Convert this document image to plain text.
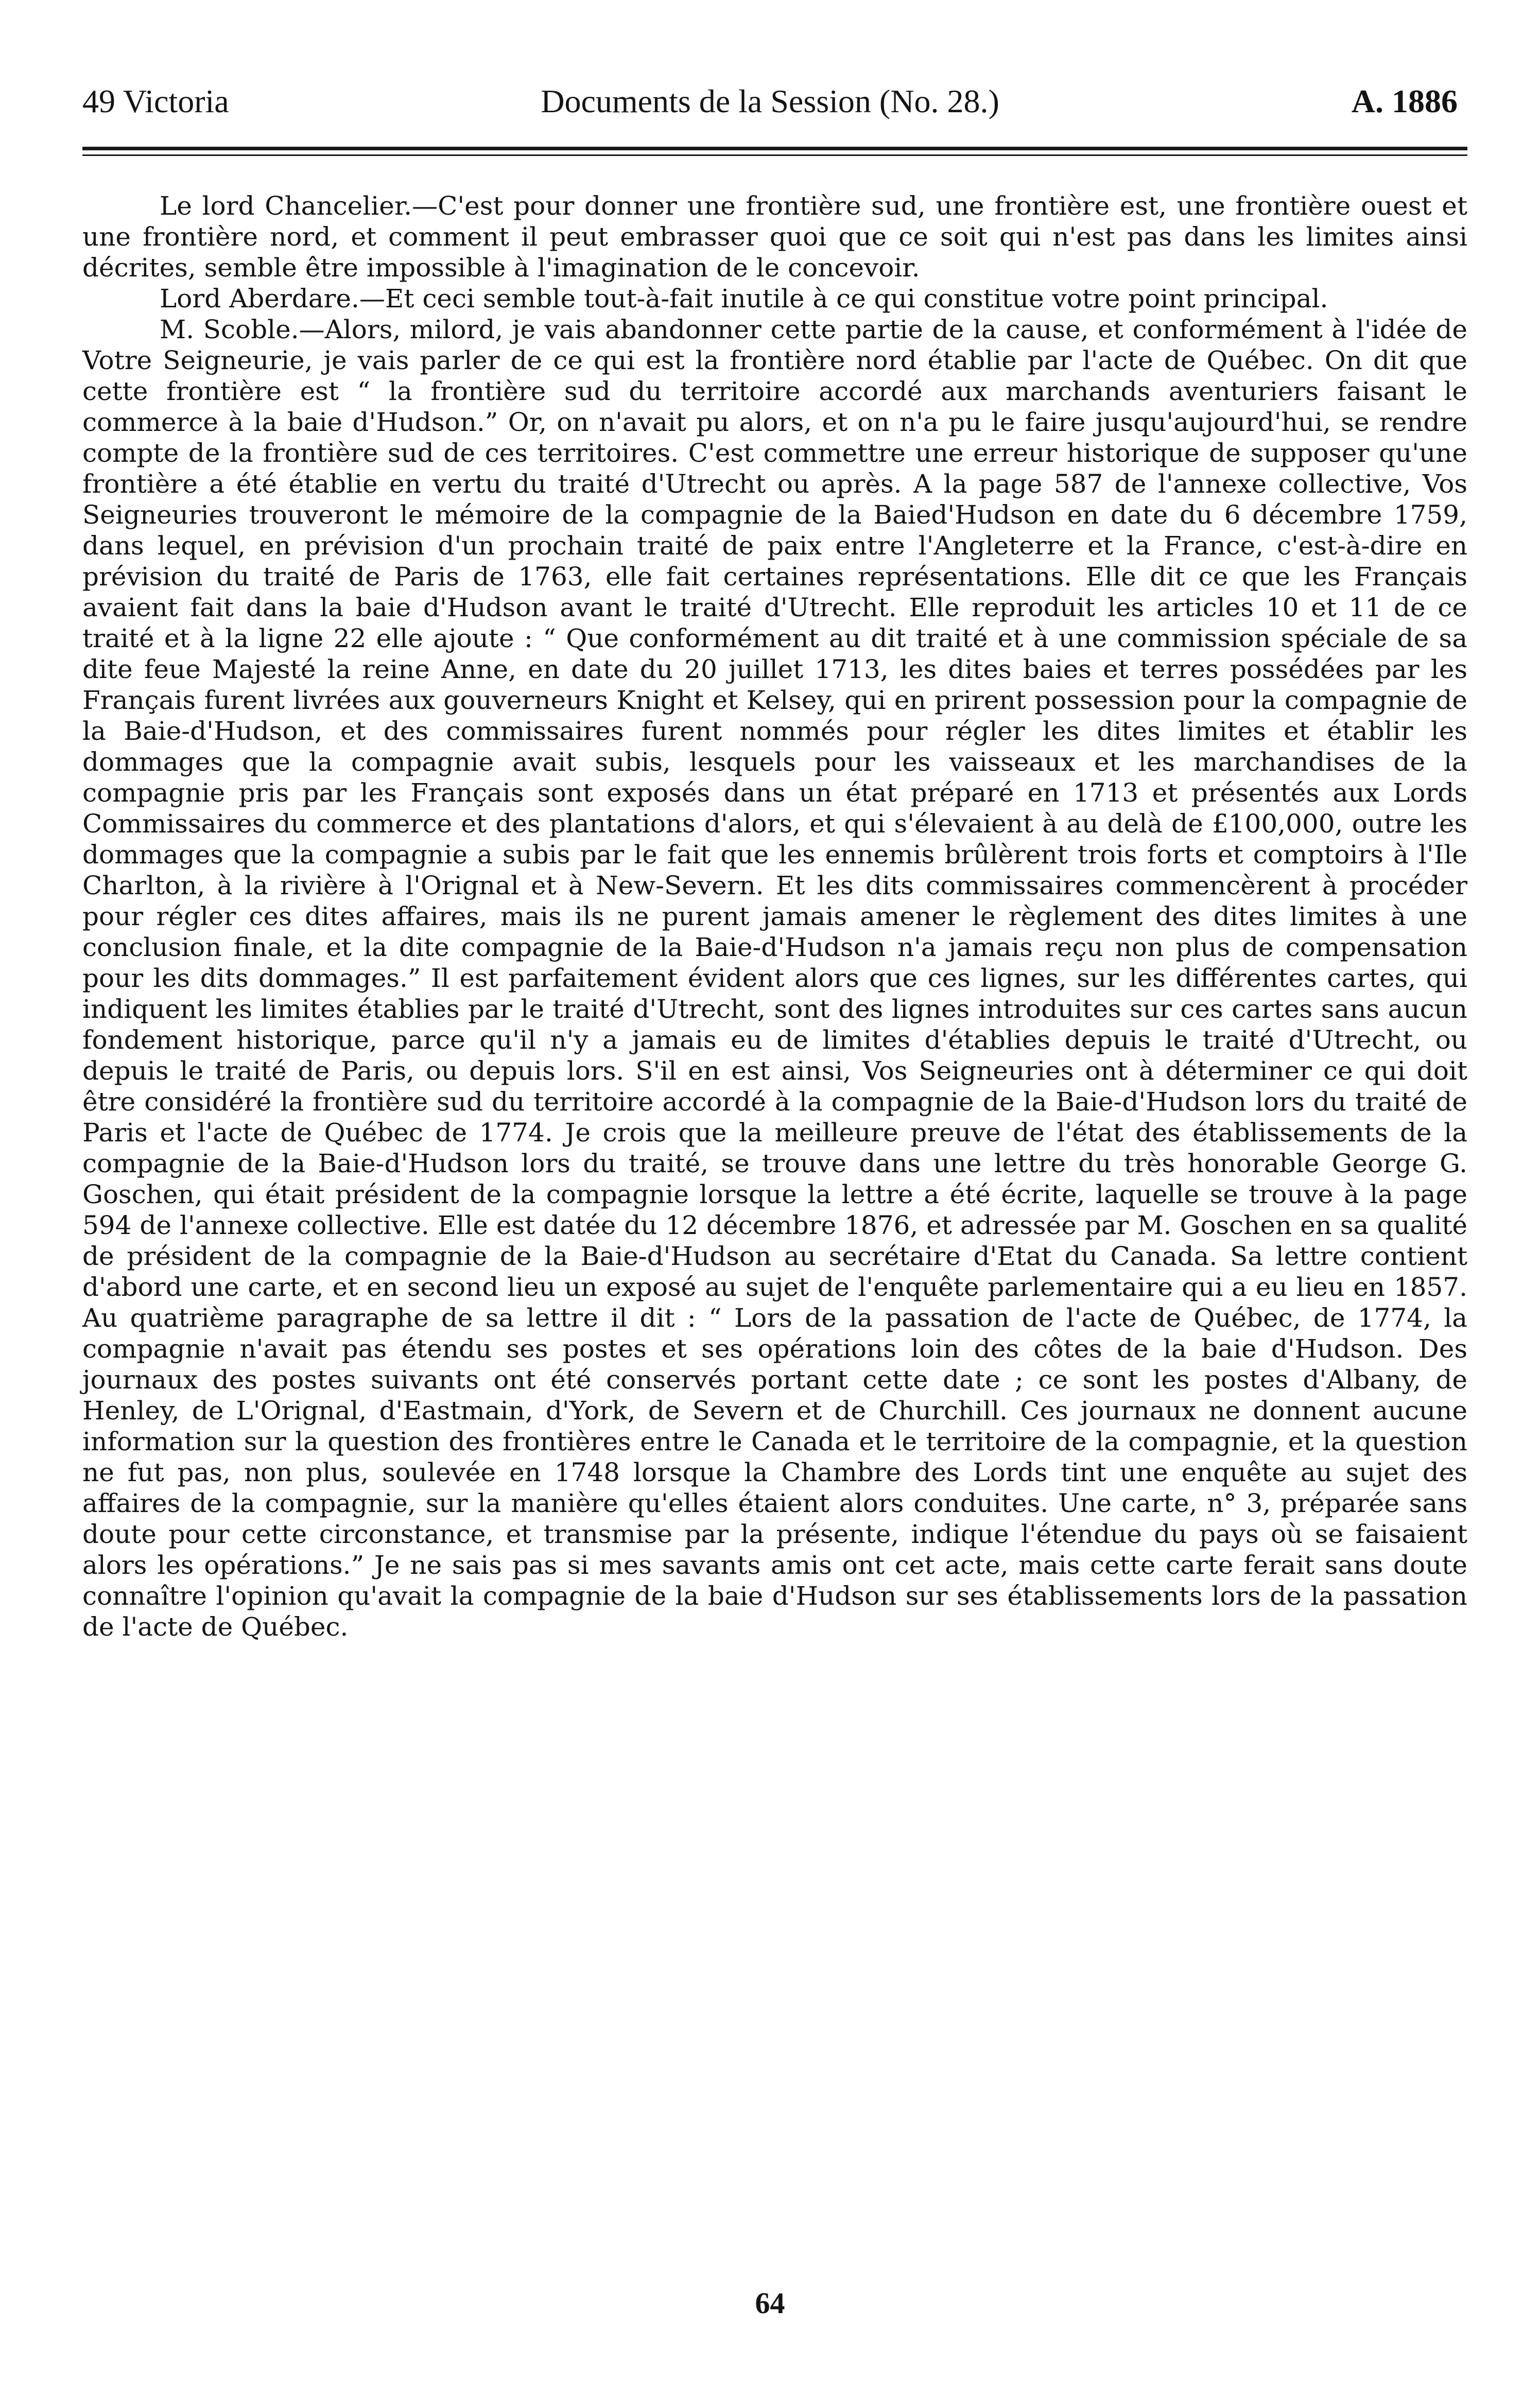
49 Victoria	Documents de la Session (No. 28.)	A. 1886

Le lord Chancelier.—C'est pour donner une frontière sud, une frontière est, une frontière ouest et une frontière nord, et comment il peut embrasser quoi que ce soit qui n'est pas dans les limites ainsi décrites, semble être impossible à l'imagination de le concevoir.

Lord Aberdare.—Et ceci semble tout-à-fait inutile à ce qui constitue votre point principal.

M. Scoble.—Alors, milord, je vais abandonner cette partie de la cause, et conformément à l'idée de Votre Seigneurie, je vais parler de ce qui est la frontière nord établie par l'acte de Québec. On dit que cette frontière est “ la frontière sud du territoire accordé aux marchands aventuriers faisant le commerce à la baie d'Hudson.” Or, on n'avait pu alors, et on n'a pu le faire jusqu'aujourd'hui, se rendre compte de la frontière sud de ces territoires. C'est commettre une erreur historique de supposer qu'une frontière a été établie en vertu du traité d'Utrecht ou après. A la page 587 de l'annexe collective, Vos Seigneuries trouveront le mémoire de la compagnie de la Baied'Hudson en date du 6 décembre 1759, dans lequel, en prévision d'un prochain traité de paix entre l'Angleterre et la France, c'est-à-dire en prévision du traité de Paris de 1763, elle fait certaines représentations. Elle dit ce que les Français avaient fait dans la baie d'Hudson avant le traité d'Utrecht. Elle reproduit les articles 10 et 11 de ce traité et à la ligne 22 elle ajoute : “ Que conformément au dit traité et à une commission spéciale de sa dite feue Majesté la reine Anne, en date du 20 juillet 1713, les dites baies et terres possédées par les Français furent livrées aux gouverneurs Knight et Kelsey, qui en prirent possession pour la compagnie de la Baie-d'Hudson, et des commissaires furent nommés pour régler les dites limites et établir les dommages que la compagnie avait subis, lesquels pour les vaisseaux et les marchandises de la compagnie pris par les Français sont exposés dans un état préparé en 1713 et présentés aux Lords Commissaires du commerce et des plantations d'alors, et qui s'élevaient à au delà de £100,000, outre les dommages que la compagnie a subis par le fait que les ennemis brûlèrent trois forts et comptoirs à l'Ile Charlton, à la rivière à l'Orignal et à New-Severn. Et les dits commissaires commencèrent à procéder pour régler ces dites affaires, mais ils ne purent jamais amener le règlement des dites limites à une conclusion finale, et la dite compagnie de la Baie-d'Hudson n'a jamais reçu non plus de compensation pour les dits dommages.” Il est parfaitement évident alors que ces lignes, sur les différentes cartes, qui indiquent les limites établies par le traité d'Utrecht, sont des lignes introduites sur ces cartes sans aucun fondement historique, parce qu'il n'y a jamais eu de limites d'établies depuis le traité d'Utrecht, ou depuis le traité de Paris, ou depuis lors. S'il en est ainsi, Vos Seigneuries ont à déterminer ce qui doit être considéré la frontière sud du territoire accordé à la compagnie de la Baie-d'Hudson lors du traité de Paris et l'acte de Québec de 1774. Je crois que la meilleure preuve de l'état des établissements de la compagnie de la Baie-d'Hudson lors du traité, se trouve dans une lettre du très honorable George G. Goschen, qui était président de la compagnie lorsque la lettre a été écrite, laquelle se trouve à la page 594 de l'annexe collective. Elle est datée du 12 décembre 1876, et adressée par M. Goschen en sa qualité de président de la compagnie de la Baie-d'Hudson au secrétaire d'Etat du Canada. Sa lettre contient d'abord une carte, et en second lieu un exposé au sujet de l'enquête parlementaire qui a eu lieu en 1857. Au quatrième paragraphe de sa lettre il dit : “ Lors de la passation de l'acte de Québec, de 1774, la compagnie n'avait pas étendu ses postes et ses opérations loin des côtes de la baie d'Hudson. Des journaux des postes suivants ont été conservés portant cette date ; ce sont les postes d'Albany, de Henley, de L'Orignal, d'Eastmain, d'York, de Severn et de Churchill. Ces journaux ne donnent aucune information sur la question des frontières entre le Canada et le territoire de la compagnie, et la question ne fut pas, non plus, soulevée en 1748 lorsque la Chambre des Lords tint une enquête au sujet des affaires de la compagnie, sur la manière qu'elles étaient alors conduites. Une carte, n° 3, préparée sans doute pour cette circonstance, et transmise par la présente, indique l'étendue du pays où se faisaient alors les opérations.” Je ne sais pas si mes savants amis ont cet acte, mais cette carte ferait sans doute connaître l'opinion qu'avait la compagnie de la baie d'Hudson sur ses établissements lors de la passation de l'acte de Québec.

64
